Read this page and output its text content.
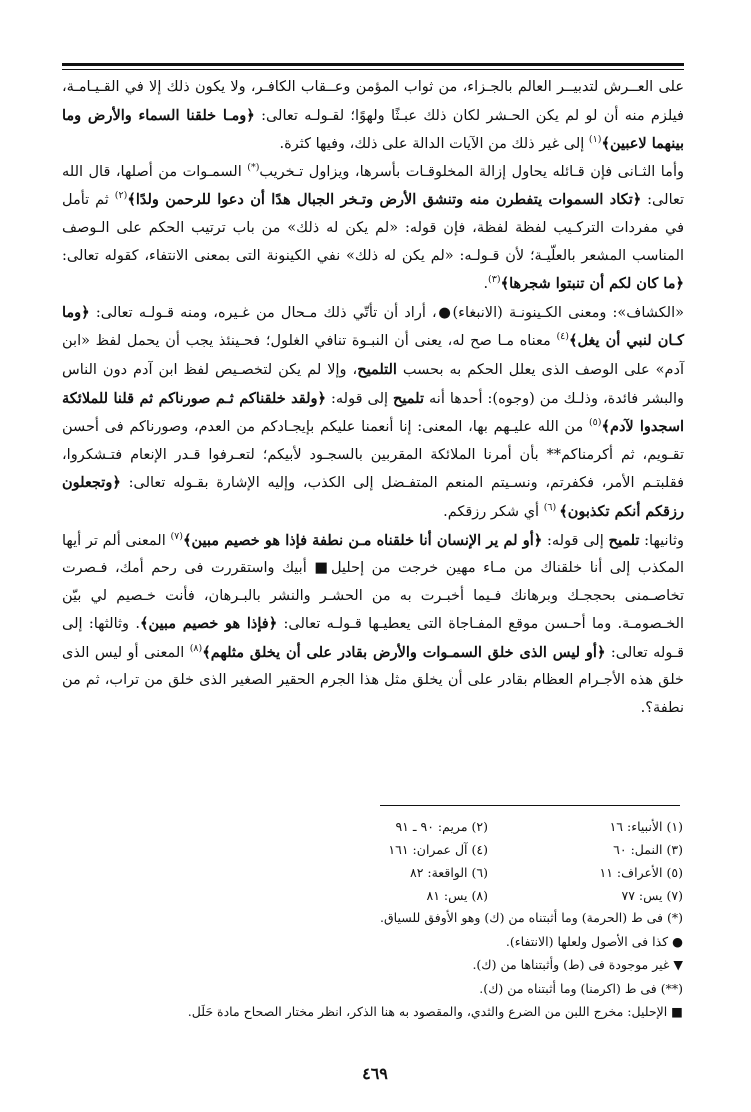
على العــرش لتدبيــر العالم بالجـزاء، من ثواب المؤمن وعــقاب الكافـر، ولا يكون ذلك إلا في القـيـامـة، فيلزم منه أن لو لم يكن الحـشر لكان ذلك عبـثًا ولهوًا؛ لقـولـه تعالى: ﴿ومـا خلقنا السماء والأرض وما بينهما لاعبين﴾$^{(١)}$ إلى غير ذلك من الآيات الدالة على ذلك، وفيها كثرة.

وأما الثـانى فإن قـائله يحاول إزالة المخلوقـات بأسرها، ويزاول تـخريب(*) السمـوات من أصلها، قال الله تعالى: ﴿تكاد السموات يتفطرن منه وتنشق الأرض وتـخر الجبال هدًا أن دعوا للرحمن ولدًا﴾$^{(٢)}$ ثم تأمل في مفردات التركـيب لفظة لفظة، فإن قوله: «لم يكن له ذلك» من باب ترتيب الحكم على الـوصف المناسب المشعر بالعلّيـة؛ لأن قـولـه: «لم يكن له ذلك» نفي الكينونة التى بمعنى الانتفاء، كقوله تعالى: ﴿ما كان لكم أن تنبتوا شجرها﴾$^{(٣)}$.

«الكشاف»: ومعنى الكـينونـة (الانبغاء)●، أراد أن تأتّي ذلك مـحال من غـيره، ومنه قـولـه تعالى: ﴿وما كـان لنبي أن يغل﴾$^{(٤)}$ معناه مـا صح له، يعنى أن النبـوة تنافي الغلول؛ فحـينئذ يجب أن يحمل لفظ «ابن آدم» على الوصف الذى يعلل الحكم به بحسب التلميح، وإلا لم يكن لتخصـيص لفظ ابن آدم دون الناس والبشر فائدة، وذلـك من (وجوه): أحدها أنه تلميح إلى قوله: ﴿ولقد خلقناكم ثـم صورناكم ثم قلنا للملائكة اسجدوا لآدم﴾$^{(٥)}$ من الله عليـهم بها، المعنى: إنا أنعمنا عليكم بإيجـادكم من العدم، وصورناكم فى أحسن تقـويم، ثم أكرمناكم** بأن أمرنا الملائكة المقربين بالسجـود لأبيكم؛ لتعـرفوا قـدر الإنعام فتـشكروا، فقلبتـم الأمر، فكفرتم، ونسـيتم المنعم المتفـضل إلى الكذب، وإليه الإشارة بقـوله تعالى: ﴿وتجعلون رزقكم أنكم تكذبون﴾ $^{(٦)}$ أي شكر رزقكم.

وثانيها: تلميح إلى قوله: ﴿أو لم ير الإنسان أنا خلقناه مـن نطفة فإذا هو خصيم مبين﴾$^{(٧)}$ المعنى ألم تر أيها المكذب إلى أنا خلقناك من مـاء مهين خرجت من إحليل■ أبيك واستقررت فى رحم أمك، فـصرت تخاصـمنى بحججـك وبرهانك فـيما أخبـرت به من الحشـر والنشر بالبـرهان، فأنت خـصيم لي بيّن الخـصومـة. وما أحـسن موقع المفـاجاة التى يعطيـها قـولـه تعالى: ﴿فإذا هو خصيم مبين﴾. وثالثها: إلى قـوله تعالى: ﴿أو ليس الذى خلق السمـوات والأرض بقادر على أن يخلق مثلهم﴾$^{(٨)}$ المعنى أو ليس الذى خلق هذه الأجـرام العظام بقادر على أن يخلق مثل هذا الجرم الحقير الصغير الذى خلق من تراب، ثم من نطفة؟.

(١) الأنبياء: ١٦
(٢) مريم: ٩٠ ـ ٩١
(٣) النمل: ٦٠
(٤) آل عمران: ١٦١
(٥) الأعراف: ١١
(٦) الواقعة: ٨٢
(٧) يس: ٧٧
(٨) يس: ٨١
(*) فى ط (الحرمة) وما أثبتناه من (ك) وهو الأوفق للسياق.
● كذا فى الأصول ولعلها (الانتفاء).
▼ غير موجودة فى (ط) وأثبتناها من (ك).
(**) فى ط (اكرمنا) وما أثبتناه من (ك).
■ الإحليل: مخرج اللبن من الضرع والثدي، والمقصود به هنا الذكر، انظر مختار الصحاح مادة حَلَل.
٤٦٩
